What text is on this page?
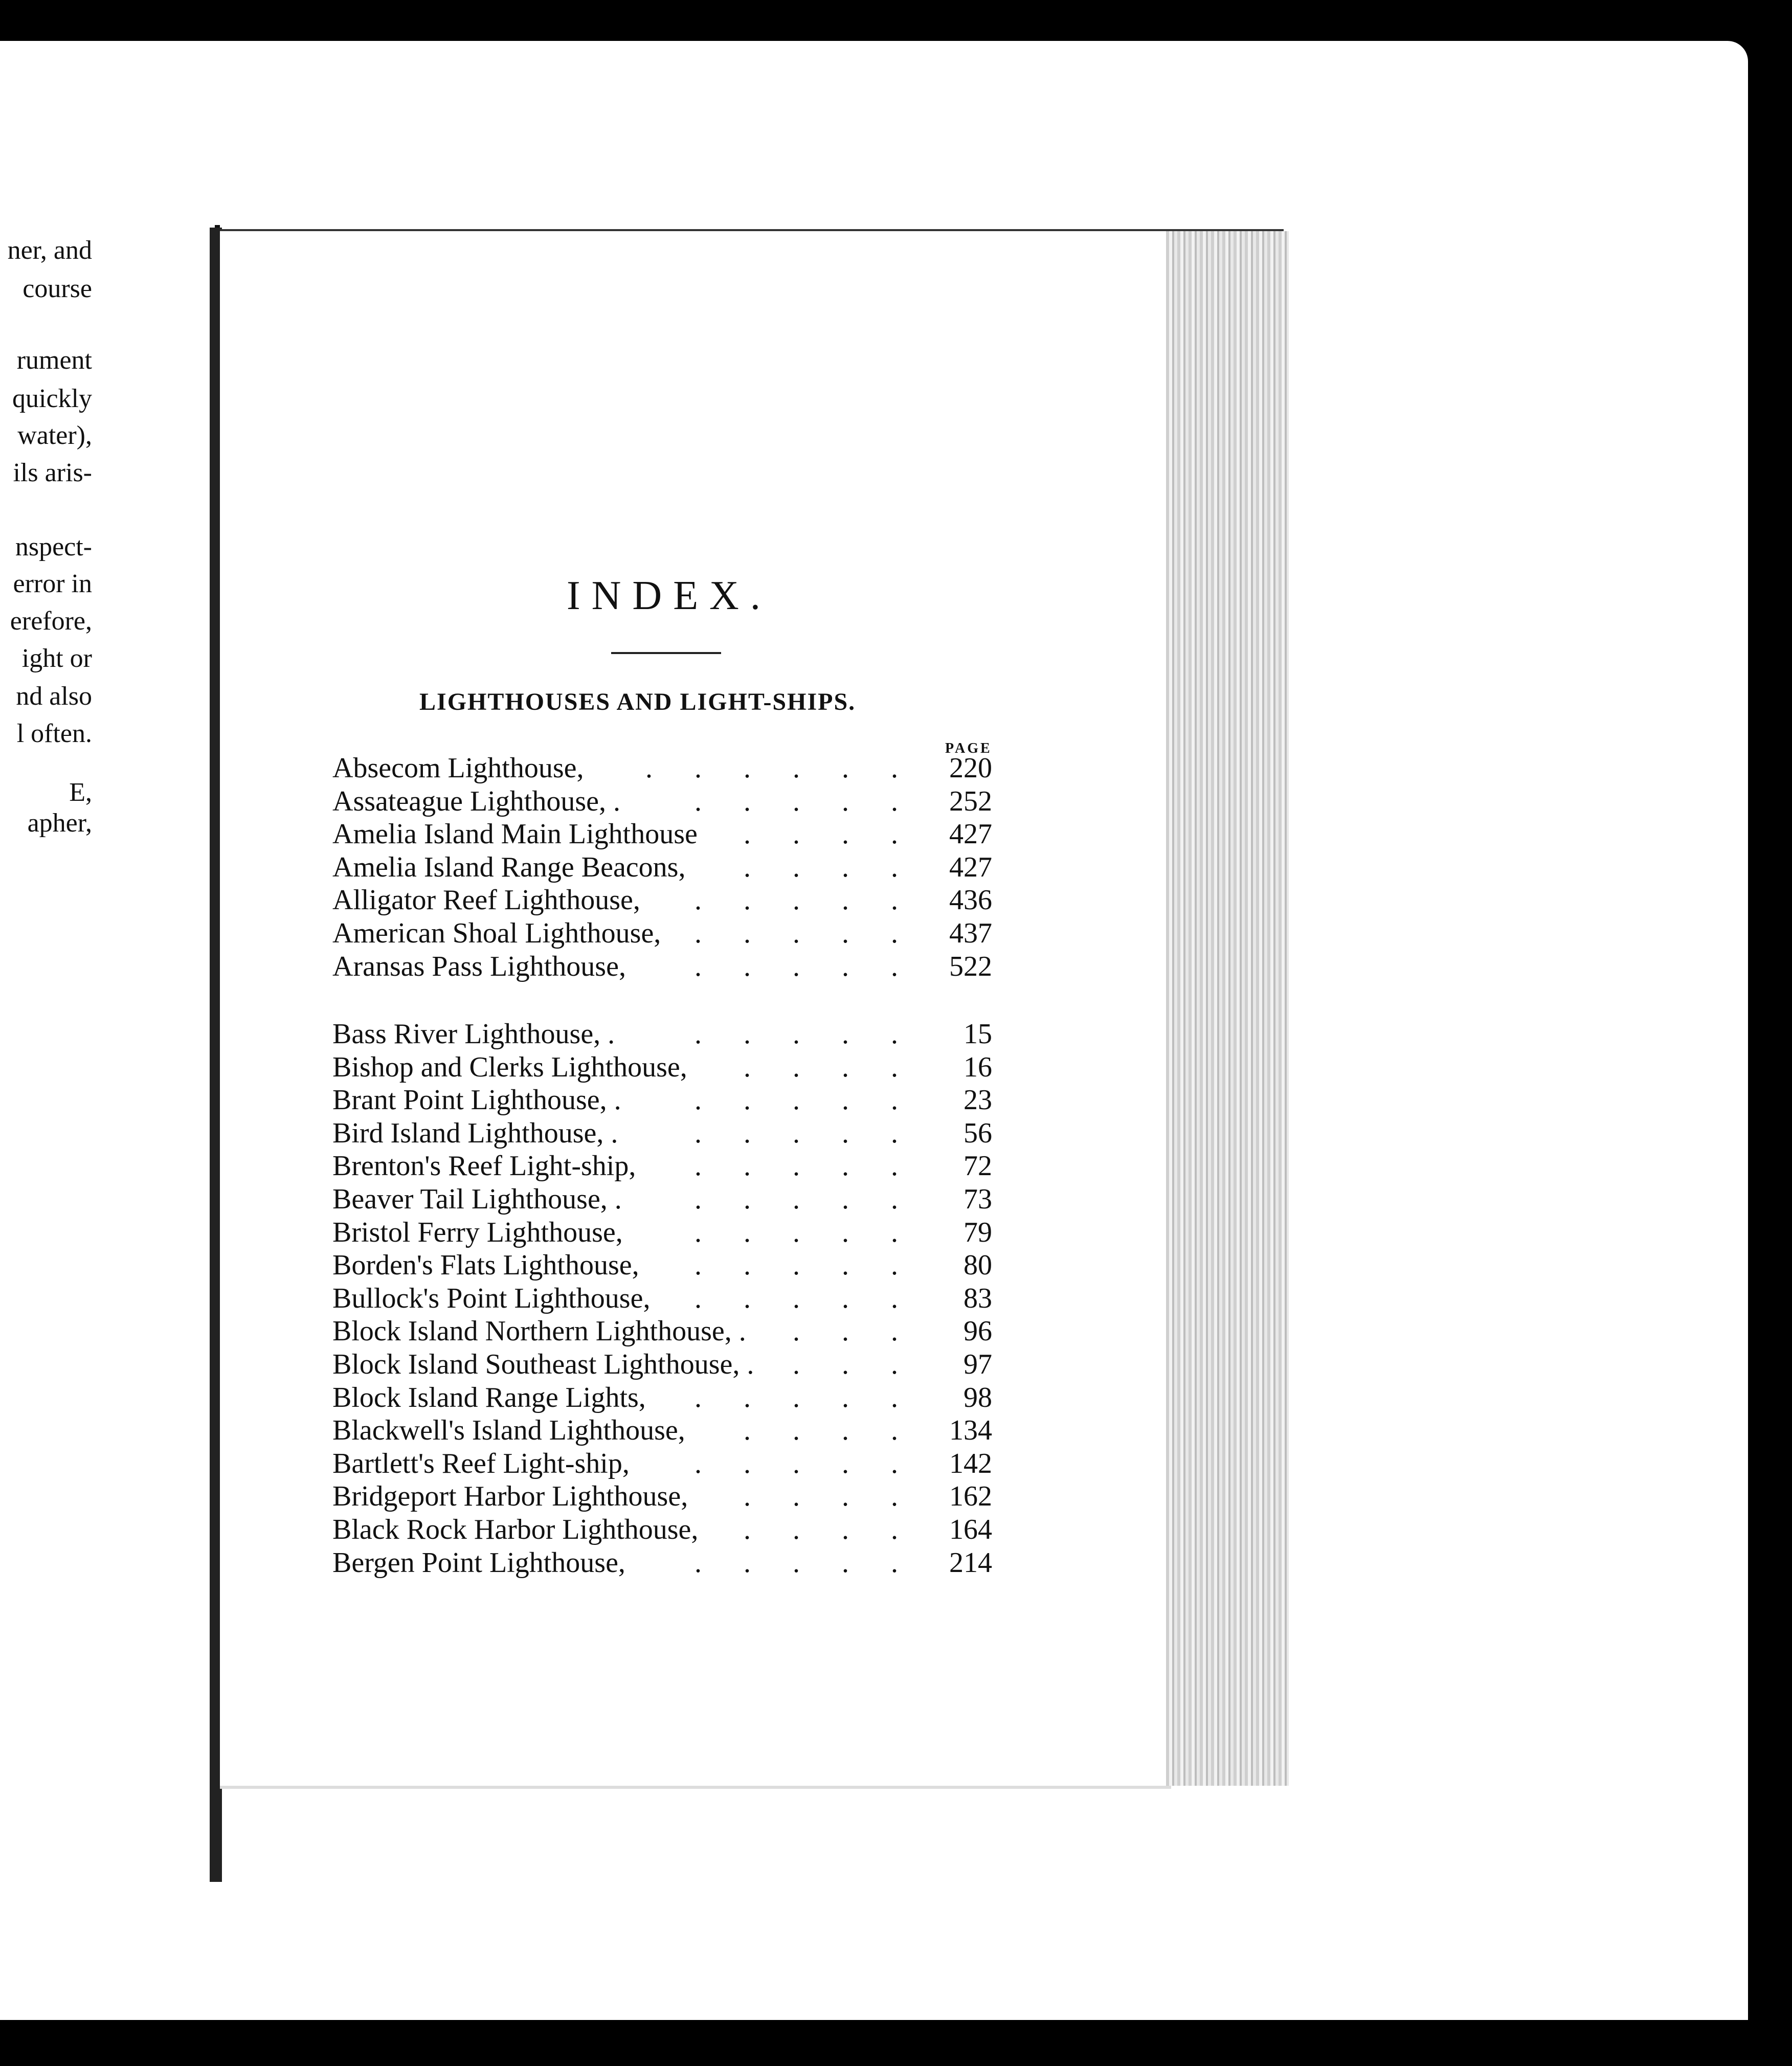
ner, and
course
rument
quickly
water),
ils aris-
nspect-
error in
erefore,
ight or
nd also
l often.
E,
apher,
INDEX.
LIGHTHOUSES AND LIGHT-SHIPS.
PAGE
Absecom Lighthouse,	220
. . . . . .
Assateague Lighthouse, .	252
. . . . .
Amelia Island Main Lighthouse	427
. . . .
Amelia Island Range Beacons,	427
. . . .
Alligator Reef Lighthouse,	436
. . . . .
American Shoal Lighthouse,	437
. . . . .
Aransas Pass Lighthouse,	522
. . . . .
Bass River Lighthouse, .	15
. . . . .
Bishop and Clerks Lighthouse,	16
. . . .
Brant Point Lighthouse, .	23
. . . . .
Bird Island Lighthouse, .	56
. . . . .
Brenton's Reef Light-ship,	72
. . . . .
Beaver Tail Lighthouse, .	73
. . . . .
Bristol Ferry Lighthouse,	79
. . . . .
Borden's Flats Lighthouse,	80
. . . . .
Bullock's Point Lighthouse,	83
. . . . .
Block Island Northern Lighthouse, .	96
. . .
Block Island Southeast Lighthouse, .	97
. . .
Block Island Range Lights,	98
. . . . .
Blackwell's Island Lighthouse,	134
. . . .
Bartlett's Reef Light-ship,	142
. . . . .
Bridgeport Harbor Lighthouse,	162
. . . .
Black Rock Harbor Lighthouse,	164
. . . .
Bergen Point Lighthouse,	214
. . . . .
